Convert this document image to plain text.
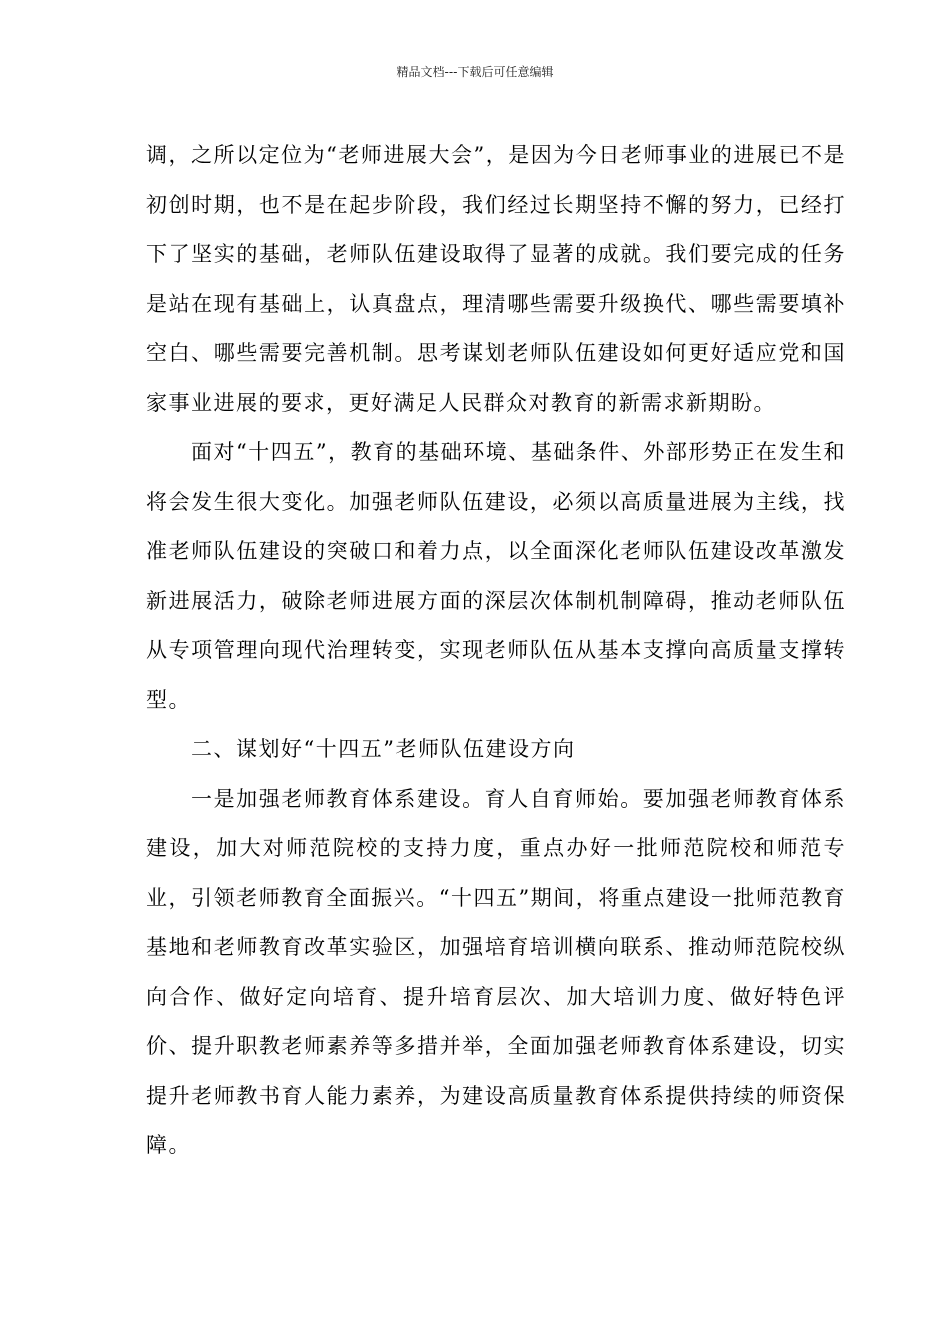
精品文档---下载后可任意编辑

调，之所以定位为“老师进展大会”，是因为今日老师事业的进展已不是初创时期，也不是在起步阶段，我们经过长期坚持不懈的努力，已经打下了坚实的基础，老师队伍建设取得了显著的成就。我们要完成的任务是站在现有基础上，认真盘点，理清哪些需要升级换代、哪些需要填补空白、哪些需要完善机制。思考谋划老师队伍建设如何更好适应党和国家事业进展的要求，更好满足人民群众对教育的新需求新期盼。

面对“十四五”，教育的基础环境、基础条件、外部形势正在发生和将会发生很大变化。加强老师队伍建设，必须以高质量进展为主线，找准老师队伍建设的突破口和着力点，以全面深化老师队伍建设改革激发新进展活力，破除老师进展方面的深层次体制机制障碍，推动老师队伍从专项管理向现代治理转变，实现老师队伍从基本支撑向高质量支撑转型。

二、谋划好“十四五”老师队伍建设方向

一是加强老师教育体系建设。育人自育师始。要加强老师教育体系建设，加大对师范院校的支持力度，重点办好一批师范院校和师范专业，引领老师教育全面振兴。“十四五”期间，将重点建设一批师范教育基地和老师教育改革实验区，加强培育培训横向联系、推动师范院校纵向合作、做好定向培育、提升培育层次、加大培训力度、做好特色评价、提升职教老师素养等多措并举，全面加强老师教育体系建设，切实提升老师教书育人能力素养，为建设高质量教育体系提供持续的师资保障。
